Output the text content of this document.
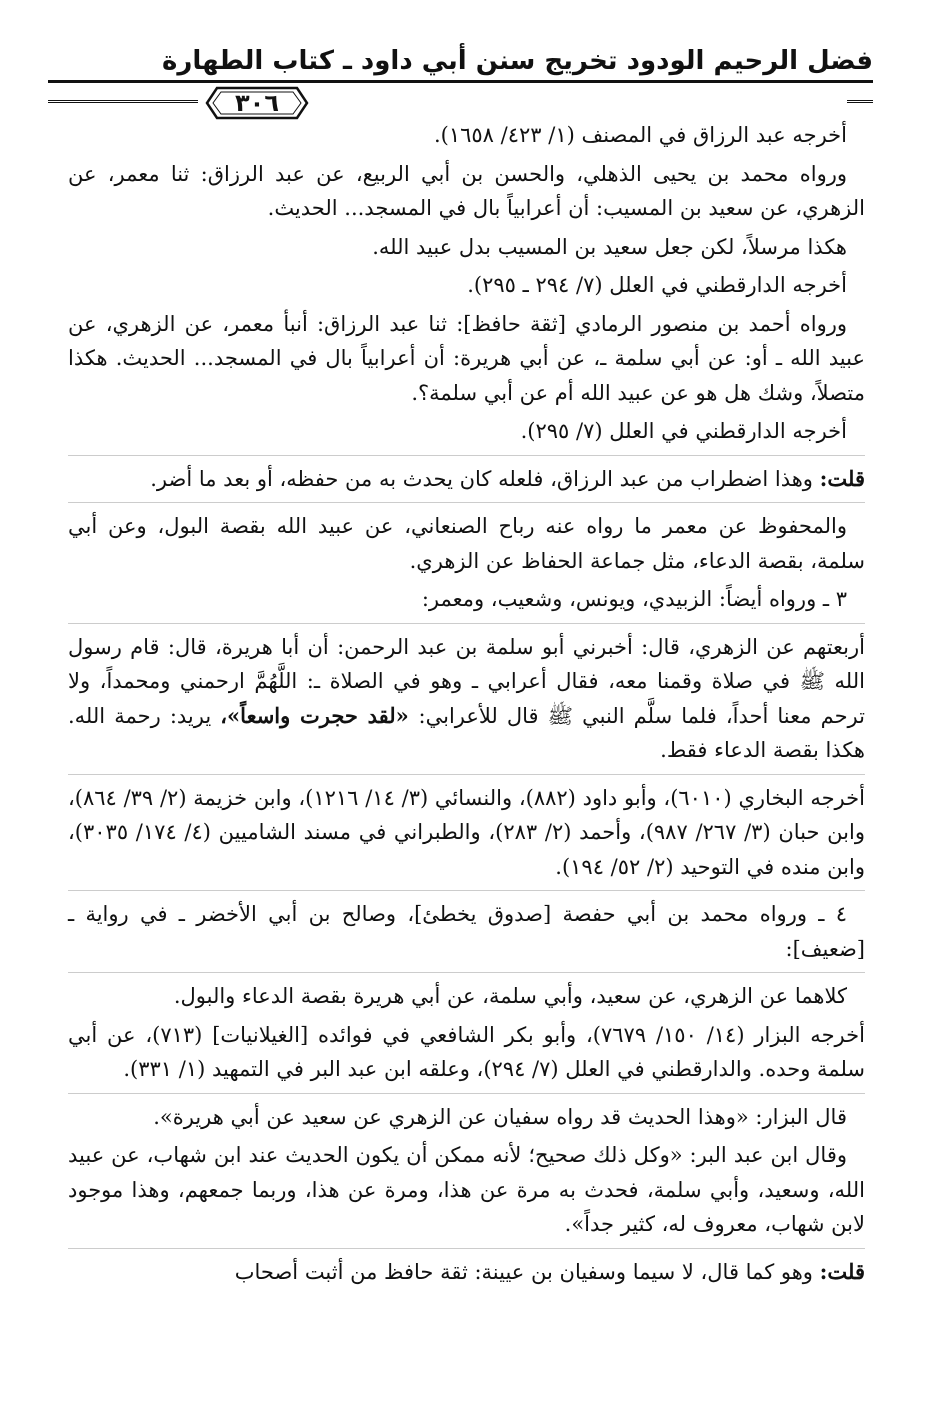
فضل الرحيم الودود تخريج سنن أبي داود ـ كتاب الطهارة
٣٠٦

أخرجه عبد الرزاق في المصنف (١/ ٤٢٣/ ١٦٥٨).

ورواه محمد بن يحيى الذهلي، والحسن بن أبي الربيع، عن عبد الرزاق: ثنا معمر، عن الزهري، عن سعيد بن المسيب: أن أعرابياً بال في المسجد... الحديث.

هكذا مرسلاً، لكن جعل سعيد بن المسيب بدل عبيد الله.

أخرجه الدارقطني في العلل (٧/ ٢٩٤ ـ ٢٩٥).

ورواه أحمد بن منصور الرمادي [ثقة حافظ]: ثنا عبد الرزاق: أنبأ معمر، عن الزهري، عن عبيد الله ـ أو: عن أبي سلمة ـ، عن أبي هريرة: أن أعرابياً بال في المسجد... الحديث. هكذا متصلاً، وشك هل هو عن عبيد الله أم عن أبي سلمة؟.

أخرجه الدارقطني في العلل (٧/ ٢٩٥).

قلت: وهذا اضطراب من عبد الرزاق، فلعله كان يحدث به من حفظه، أو بعد ما أضر.

والمحفوظ عن معمر ما رواه عنه رباح الصنعاني، عن عبيد الله بقصة البول، وعن أبي سلمة، بقصة الدعاء، مثل جماعة الحفاظ عن الزهري.

٣ ـ ورواه أيضاً: الزبيدي، ويونس، وشعيب، ومعمر:

أربعتهم عن الزهري، قال: أخبرني أبو سلمة بن عبد الرحمن: أن أبا هريرة، قال: قام رسول الله ﷺ في صلاة وقمنا معه، فقال أعرابي ـ وهو في الصلاة ـ: اللَّهُمَّ ارحمني ومحمداً، ولا ترحم معنا أحداً، فلما سلَّم النبي ﷺ قال للأعرابي: «لقد حجرت واسعاً»، يريد: رحمة الله. هكذا بقصة الدعاء فقط.

أخرجه البخاري (٦٠١٠)، وأبو داود (٨٨٢)، والنسائي (٣/ ١٤/ ١٢١٦)، وابن خزيمة (٢/ ٣٩/ ٨٦٤)، وابن حبان (٣/ ٢٦٧/ ٩٨٧)، وأحمد (٢/ ٢٨٣)، والطبراني في مسند الشاميين (٤/ ١٧٤/ ٣٠٣٥)، وابن منده في التوحيد (٢/ ٥٢/ ١٩٤).

٤ ـ ورواه محمد بن أبي حفصة [صدوق يخطئ]، وصالح بن أبي الأخضر ـ في رواية ـ [ضعيف]:

كلاهما عن الزهري، عن سعيد، وأبي سلمة، عن أبي هريرة بقصة الدعاء والبول.

أخرجه البزار (١٤/ ١٥٠/ ٧٦٧٩)، وأبو بكر الشافعي في فوائده [الغيلانيات] (٧١٣)، عن أبي سلمة وحده. والدارقطني في العلل (٧/ ٢٩٤)، وعلقه ابن عبد البر في التمهيد (١/ ٣٣١).

قال البزار: «وهذا الحديث قد رواه سفيان عن الزهري عن سعيد عن أبي هريرة».

وقال ابن عبد البر: «وكل ذلك صحيح؛ لأنه ممكن أن يكون الحديث عند ابن شهاب، عن عبيد الله، وسعيد، وأبي سلمة، فحدث به مرة عن هذا، ومرة عن هذا، وربما جمعهم، وهذا موجود لابن شهاب، معروف له، كثير جداً».

قلت: وهو كما قال، لا سيما وسفيان بن عيينة: ثقة حافظ من أثبت أصحاب
